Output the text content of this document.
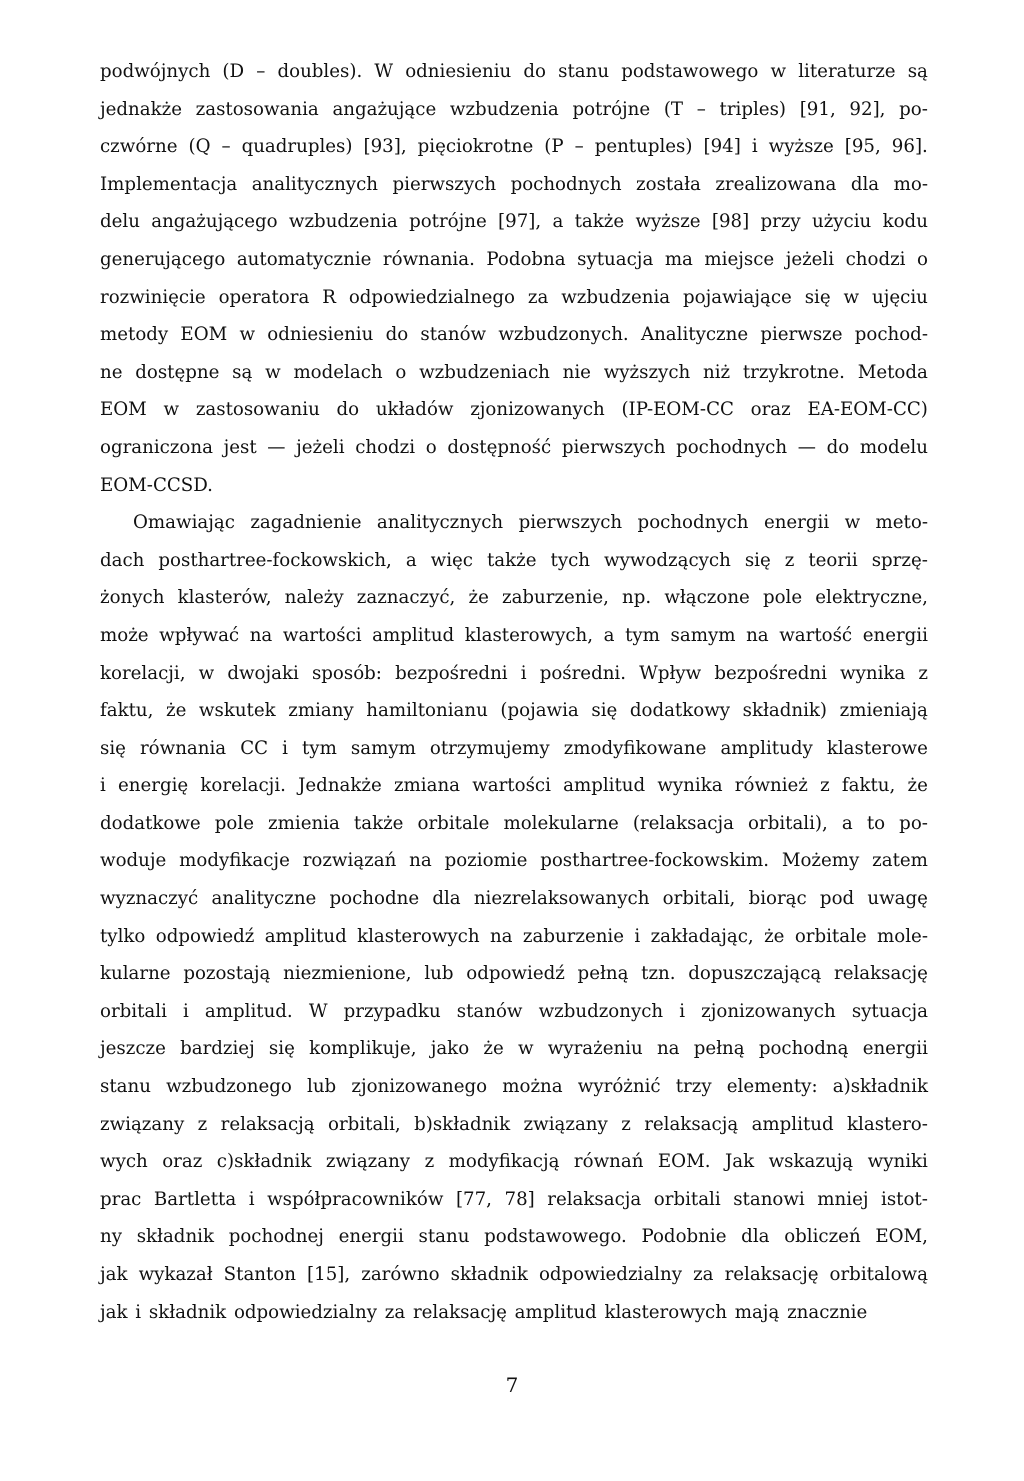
podwójnych (D – doubles). W odniesieniu do stanu podstawowego w literaturze są
jednakże zastosowania angażujące wzbudzenia potrójne (T – triples) [91, 92], po-
czwórne (Q – quadruples) [93], pięciokrotne (P – pentuples) [94] i wyższe [95, 96].
Implementacja analitycznych pierwszych pochodnych została zrealizowana dla mo-
delu angażującego wzbudzenia potrójne [97], a także wyższe [98] przy użyciu kodu
generującego automatycznie równania. Podobna sytuacja ma miejsce jeżeli chodzi o
rozwinięcie operatora R odpowiedzialnego za wzbudzenia pojawiające się w ujęciu
metody EOM w odniesieniu do stanów wzbudzonych. Analityczne pierwsze pochod-
ne dostępne są w modelach o wzbudzeniach nie wyższych niż trzykrotne. Metoda
EOM w zastosowaniu do układów zjonizowanych (IP-EOM-CC oraz EA-EOM-CC)
ograniczona jest — jeżeli chodzi o dostępność pierwszych pochodnych — do modelu
EOM-CCSD.
Omawiając zagadnienie analitycznych pierwszych pochodnych energii w meto-
dach posthartree-fockowskich, a więc także tych wywodzących się z teorii sprzę-
żonych klasterów, należy zaznaczyć, że zaburzenie, np. włączone pole elektryczne,
może wpływać na wartości amplitud klasterowych, a tym samym na wartość energii
korelacji, w dwojaki sposób: bezpośredni i pośredni. Wpływ bezpośredni wynika z
faktu, że wskutek zmiany hamiltonianu (pojawia się dodatkowy składnik) zmieniają
się równania CC i tym samym otrzymujemy zmodyfikowane amplitudy klasterowe
i energię korelacji. Jednakże zmiana wartości amplitud wynika również z faktu, że
dodatkowe pole zmienia także orbitale molekularne (relaksacja orbitali), a to po-
woduje modyfikacje rozwiązań na poziomie posthartree-fockowskim. Możemy zatem
wyznaczyć analityczne pochodne dla niezrelaksowanych orbitali, biorąc pod uwagę
tylko odpowiedź amplitud klasterowych na zaburzenie i zakładając, że orbitale mole-
kularne pozostają niezmienione, lub odpowiedź pełną tzn. dopuszczającą relaksację
orbitali i amplitud. W przypadku stanów wzbudzonych i zjonizowanych sytuacja
jeszcze bardziej się komplikuje, jako że w wyrażeniu na pełną pochodną energii
stanu wzbudzonego lub zjonizowanego można wyróżnić trzy elementy: a)składnik
związany z relaksacją orbitali, b)składnik związany z relaksacją amplitud klastero-
wych oraz c)składnik związany z modyfikacją równań EOM. Jak wskazują wyniki
prac Bartletta i współpracowników [77, 78] relaksacja orbitali stanowi mniej istot-
ny składnik pochodnej energii stanu podstawowego. Podobnie dla obliczeń EOM,
jak wykazał Stanton [15], zarówno składnik odpowiedzialny za relaksację orbitalową
jak i składnik odpowiedzialny za relaksację amplitud klasterowych mają znacznie
7
